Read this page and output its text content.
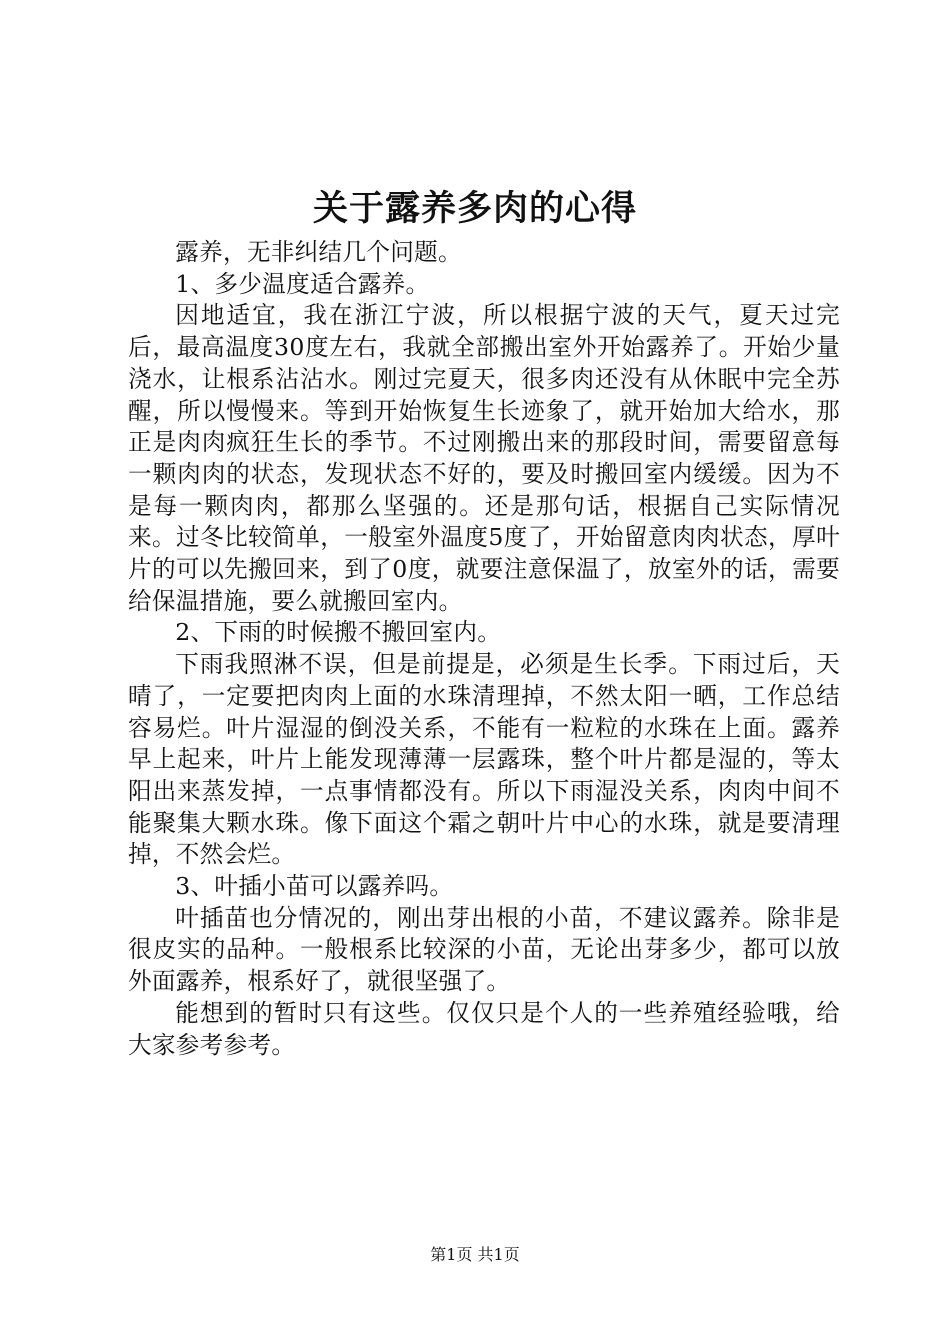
关于露养多肉的心得

露养，无非纠结几个问题。

1、多少温度适合露养。

因地适宜，我在浙江宁波，所以根据宁波的天气，夏天过完后，最高温度30度左右，我就全部搬出室外开始露养了。开始少量浇水，让根系沾沾水。刚过完夏天，很多肉还没有从休眠中完全苏醒，所以慢慢来。等到开始恢复生长迹象了，就开始加大给水，那正是肉肉疯狂生长的季节。不过刚搬出来的那段时间，需要留意每一颗肉肉的状态，发现状态不好的，要及时搬回室内缓缓。因为不是每一颗肉肉，都那么坚强的。还是那句话，根据自己实际情况来。过冬比较简单，一般室外温度5度了，开始留意肉肉状态，厚叶片的可以先搬回来，到了0度，就要注意保温了，放室外的话，需要给保温措施，要么就搬回室内。

2、下雨的时候搬不搬回室内。

下雨我照淋不误，但是前提是，必须是生长季。下雨过后，天晴了，一定要把肉肉上面的水珠清理掉，不然太阳一晒，工作总结容易烂。叶片湿湿的倒没关系，不能有一粒粒的水珠在上面。露养早上起来，叶片上能发现薄薄一层露珠，整个叶片都是湿的，等太阳出来蒸发掉，一点事情都没有。所以下雨湿没关系，肉肉中间不能聚集大颗水珠。像下面这个霜之朝叶片中心的水珠，就是要清理掉，不然会烂。

3、叶插小苗可以露养吗。

叶插苗也分情况的，刚出芽出根的小苗，不建议露养。除非是很皮实的品种。一般根系比较深的小苗，无论出芽多少，都可以放外面露养，根系好了，就很坚强了。

能想到的暂时只有这些。仅仅只是个人的一些养殖经验哦，给大家参考参考。

第1页 共1页
